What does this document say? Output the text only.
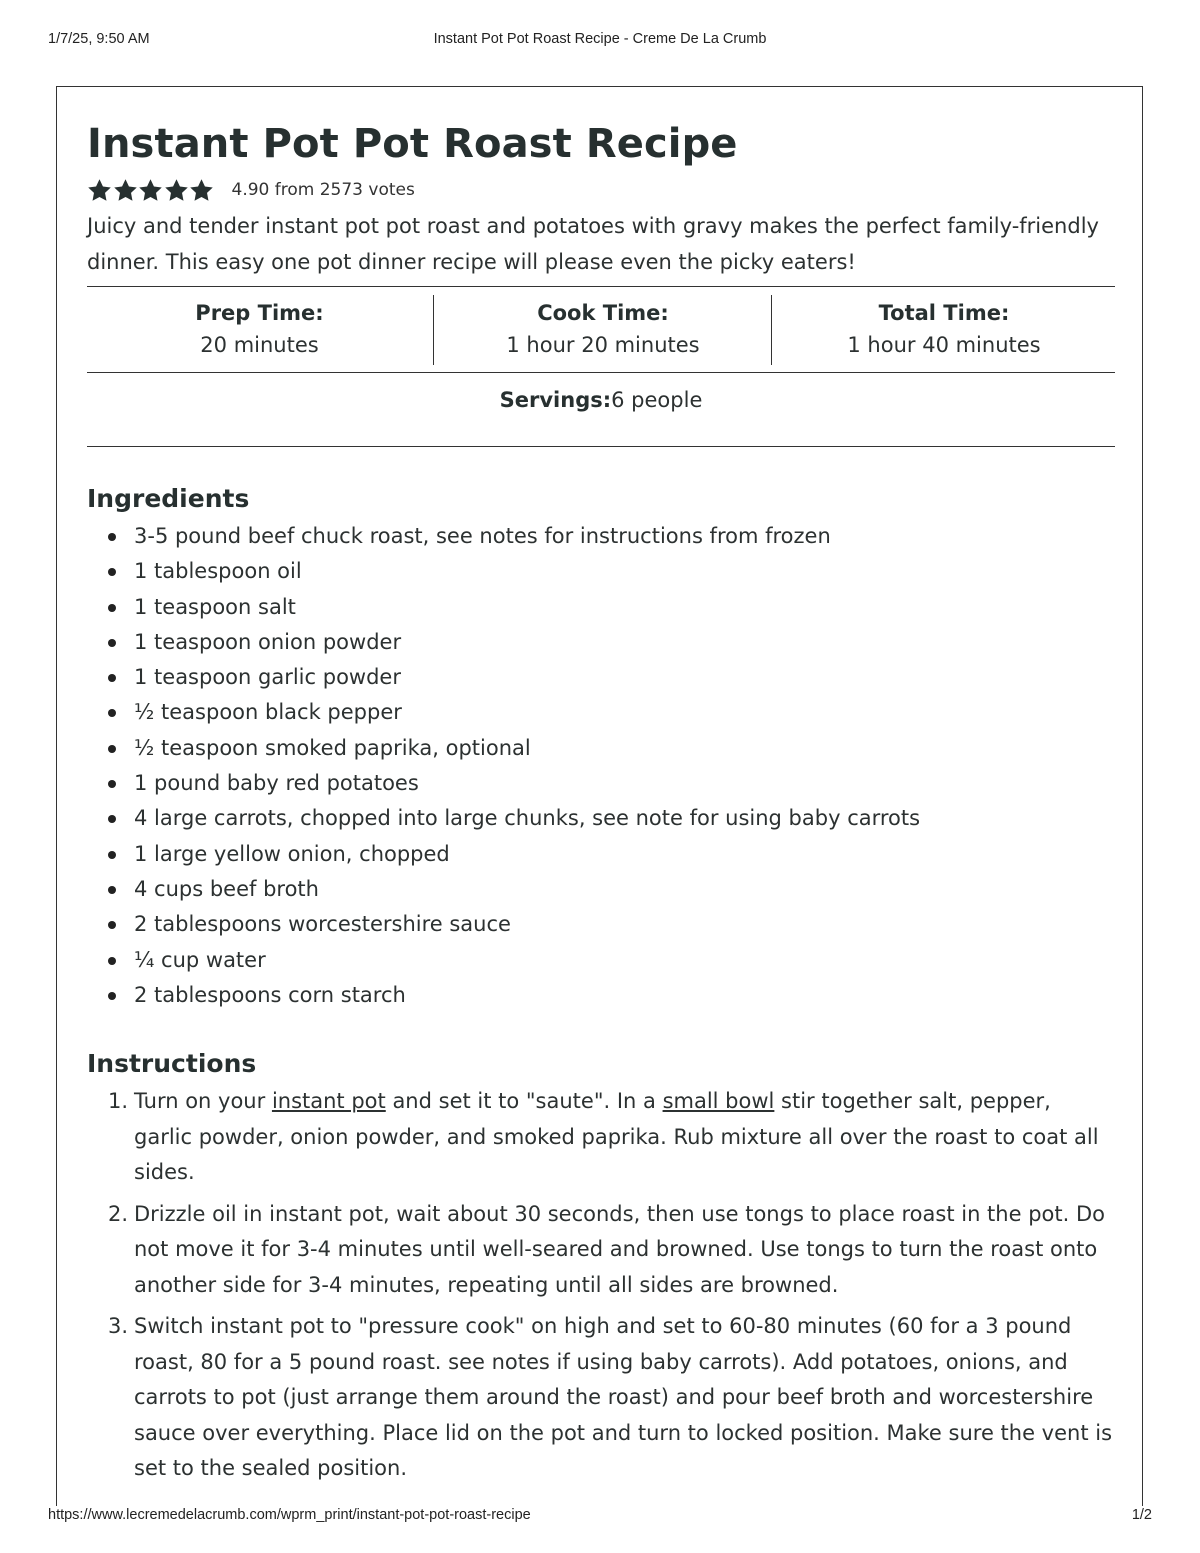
1/7/25, 9:50 AM	Instant Pot Pot Roast Recipe - Creme De La Crumb
Instant Pot Pot Roast Recipe
4.90 from 2573 votes

Juicy and tender instant pot pot roast and potatoes with gravy makes the perfect family-friendly dinner. This easy one pot dinner recipe will please even the picky eaters!

Prep Time:
20 minutes
Cook Time:
1 hour 20 minutes
Total Time:
1 hour 40 minutes
Servings:6 people
Ingredients
3-5 pound beef chuck roast, see notes for instructions from frozen
1 tablespoon oil
1 teaspoon salt
1 teaspoon onion powder
1 teaspoon garlic powder
½ teaspoon black pepper
½ teaspoon smoked paprika, optional
1 pound baby red potatoes
4 large carrots, chopped into large chunks, see note for using baby carrots
1 large yellow onion, chopped
4 cups beef broth
2 tablespoons worcestershire sauce
¼ cup water
2 tablespoons corn starch
Instructions
1. Turn on your instant pot and set it to "saute". In a small bowl stir together salt, pepper, garlic powder, onion powder, and smoked paprika. Rub mixture all over the roast to coat all sides.
2. Drizzle oil in instant pot, wait about 30 seconds, then use tongs to place roast in the pot. Do not move it for 3-4 minutes until well-seared and browned. Use tongs to turn the roast onto another side for 3-4 minutes, repeating until all sides are browned.
3. Switch instant pot to "pressure cook" on high and set to 60-80 minutes (60 for a 3 pound roast, 80 for a 5 pound roast. see notes if using baby carrots). Add potatoes, onions, and carrots to pot (just arrange them around the roast) and pour beef broth and worcestershire sauce over everything. Place lid on the pot and turn to locked position. Make sure the vent is set to the sealed position.
https://www.lecremedelacrumb.com/wprm_print/instant-pot-pot-roast-recipe	1/2
